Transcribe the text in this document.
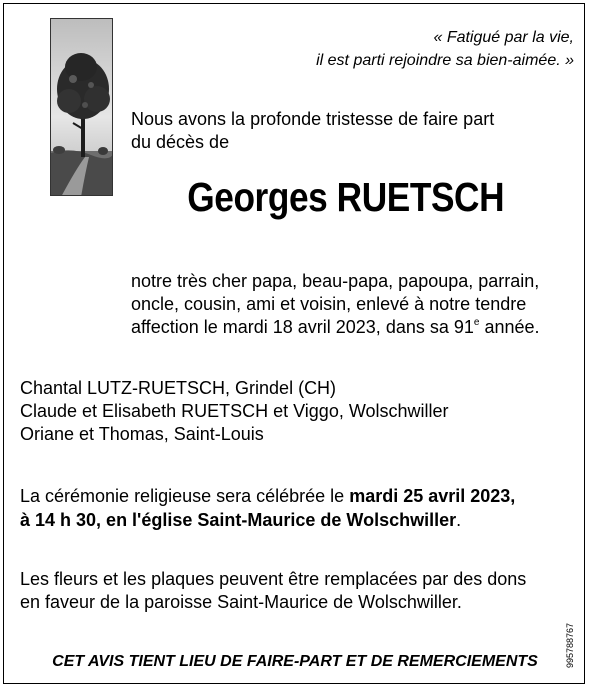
« Fatigué par la vie,
il est parti rejoindre sa bien-aimée. »
Nous avons la profonde tristesse de faire part
du décès de
Georges RUETSCH
notre très cher papa, beau-papa, papoupa, parrain,
oncle, cousin, ami et voisin, enlevé à notre tendre
affection le mardi 18 avril 2023, dans sa 91e année.
Chantal LUTZ-RUETSCH, Grindel (CH)
Claude et Elisabeth RUETSCH et Viggo, Wolschwiller
Oriane et Thomas, Saint-Louis
La cérémonie religieuse sera célébrée le mardi 25 avril 2023,
à 14 h 30, en l'église Saint-Maurice de Wolschwiller.
Les fleurs et les plaques peuvent être remplacées par des dons
en faveur de la paroisse Saint-Maurice de Wolschwiller.
CET AVIS TIENT LIEU DE FAIRE-PART ET DE REMERCIEMENTS	995788767
